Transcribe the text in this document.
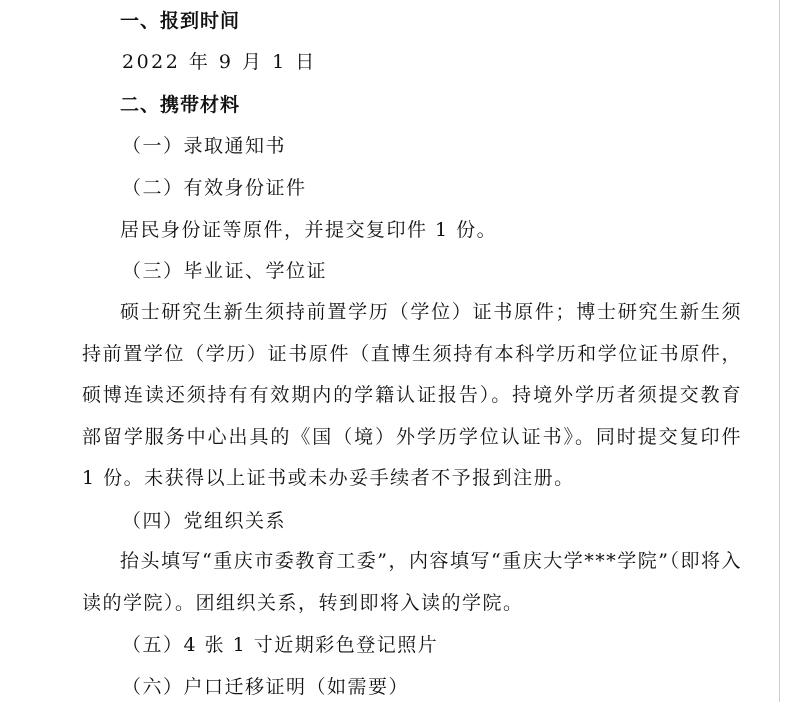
一、报到时间
2022 年 9 月 1 日
二、携带材料
（一）录取通知书
（二）有效身份证件
居民身份证等原件，并提交复印件 1 份。
（三）毕业证、学位证
硕士研究生新生须持前置学历（学位）证书原件；博士研究生新生须持前置学位（学历）证书原件（直博生须持有本科学历和学位证书原件，硕博连读还须持有有效期内的学籍认证报告）。持境外学历者须提交教育部留学服务中心出具的《国（境）外学历学位认证书》。同时提交复印件 1 份。未获得以上证书或未办妥手续者不予报到注册。
（四）党组织关系
抬头填写“重庆市委教育工委”，内容填写“重庆大学***学院”（即将入读的学院）。团组织关系，转到即将入读的学院。
（五）4 张 1 寸近期彩色登记照片
（六）户口迁移证明（如需要）
